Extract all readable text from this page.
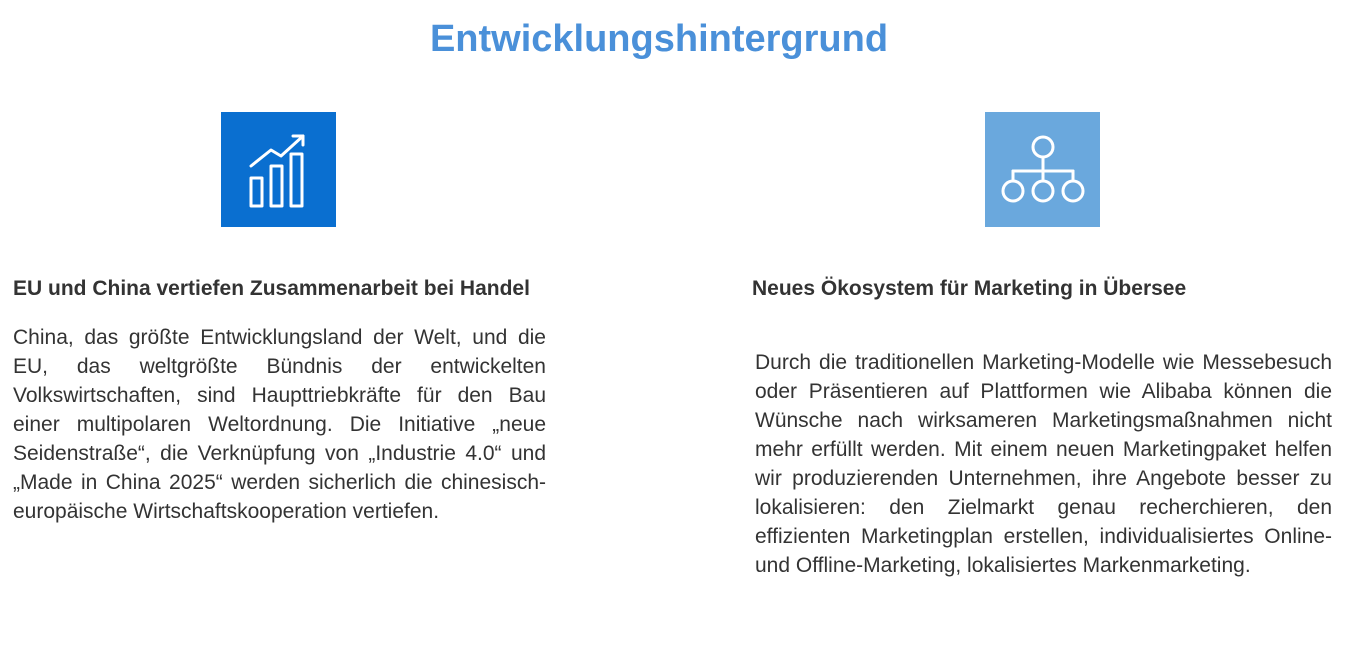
Entwicklungshintergrund
EU und China vertiefen Zusammenarbeit bei Handel

China, das größte Entwicklungsland der Welt, und die EU, das weltgrößte Bündnis der entwickelten Volkswirtschaften, sind Haupttriebkräfte für den Bau einer multipolaren Weltordnung. Die Initiative „neue Seidenstraße“, die Verknüpfung von „Industrie 4.0“ und „Made in China 2025“ werden sicherlich die chinesisch-europäische Wirtschaftskooperation vertiefen.

Neues Ökosystem für Marketing in Übersee

Durch die traditionellen Marketing-Modelle wie Messebesuch oder Präsentieren auf Plattformen wie Alibaba können die Wünsche nach wirksameren Marketingsmaßnahmen nicht mehr erfüllt werden. Mit einem neuen Marketingpaket helfen wir produzierenden Unternehmen, ihre Angebote besser zu lokalisieren: den Zielmarkt genau recherchieren, den effizienten Marketingplan erstellen, individualisiertes Online- und Offline-Marketing, lokalisiertes Markenmarketing.
